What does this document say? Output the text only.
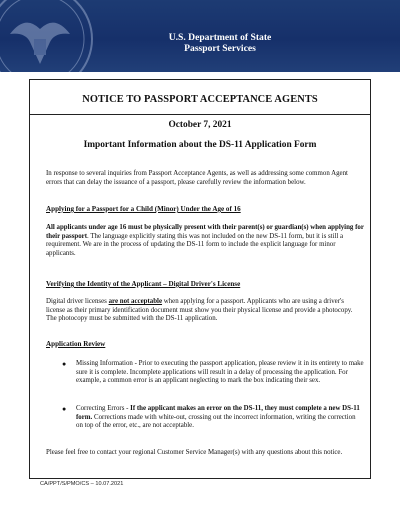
U.S. Department of State
Passport Services
NOTICE TO PASSPORT ACCEPTANCE AGENTS
October 7, 2021
Important Information about the DS-11 Application Form
In response to several inquiries from Passport Acceptance Agents, as well as addressing some common Agent errors that can delay the issuance of a passport, please carefully review the information below.
Applying for a Passport for a Child (Minor) Under the Age of 16
All applicants under age 16 must be physically present with their parent(s) or guardian(s) when applying for their passport. The language explicitly stating this was not included on the new DS-11 form, but it is still a requirement. We are in the process of updating the DS-11 form to include the explicit language for minor applicants.
Verifying the Identity of the Applicant – Digital Driver's License
Digital driver licenses are not acceptable when applying for a passport. Applicants who are using a driver's license as their primary identification document must show you their physical license and provide a photocopy. The photocopy must be submitted with the DS-11 application.
Application Review
● Missing Information - Prior to executing the passport application, please review it in its entirety to make sure it is complete. Incomplete applications will result in a delay of processing the application. For example, a common error is an applicant neglecting to mark the box indicating their sex.
● Correcting Errors - If the applicant makes an error on the DS-11, they must complete a new DS-11 form. Corrections made with white-out, crossing out the incorrect information, writing the correction on top of the error, etc., are not acceptable.
Please feel free to contact your regional Customer Service Manager(s) with any questions about this notice.
CA/PPT/S/PMO/CS – 10.07.2021
